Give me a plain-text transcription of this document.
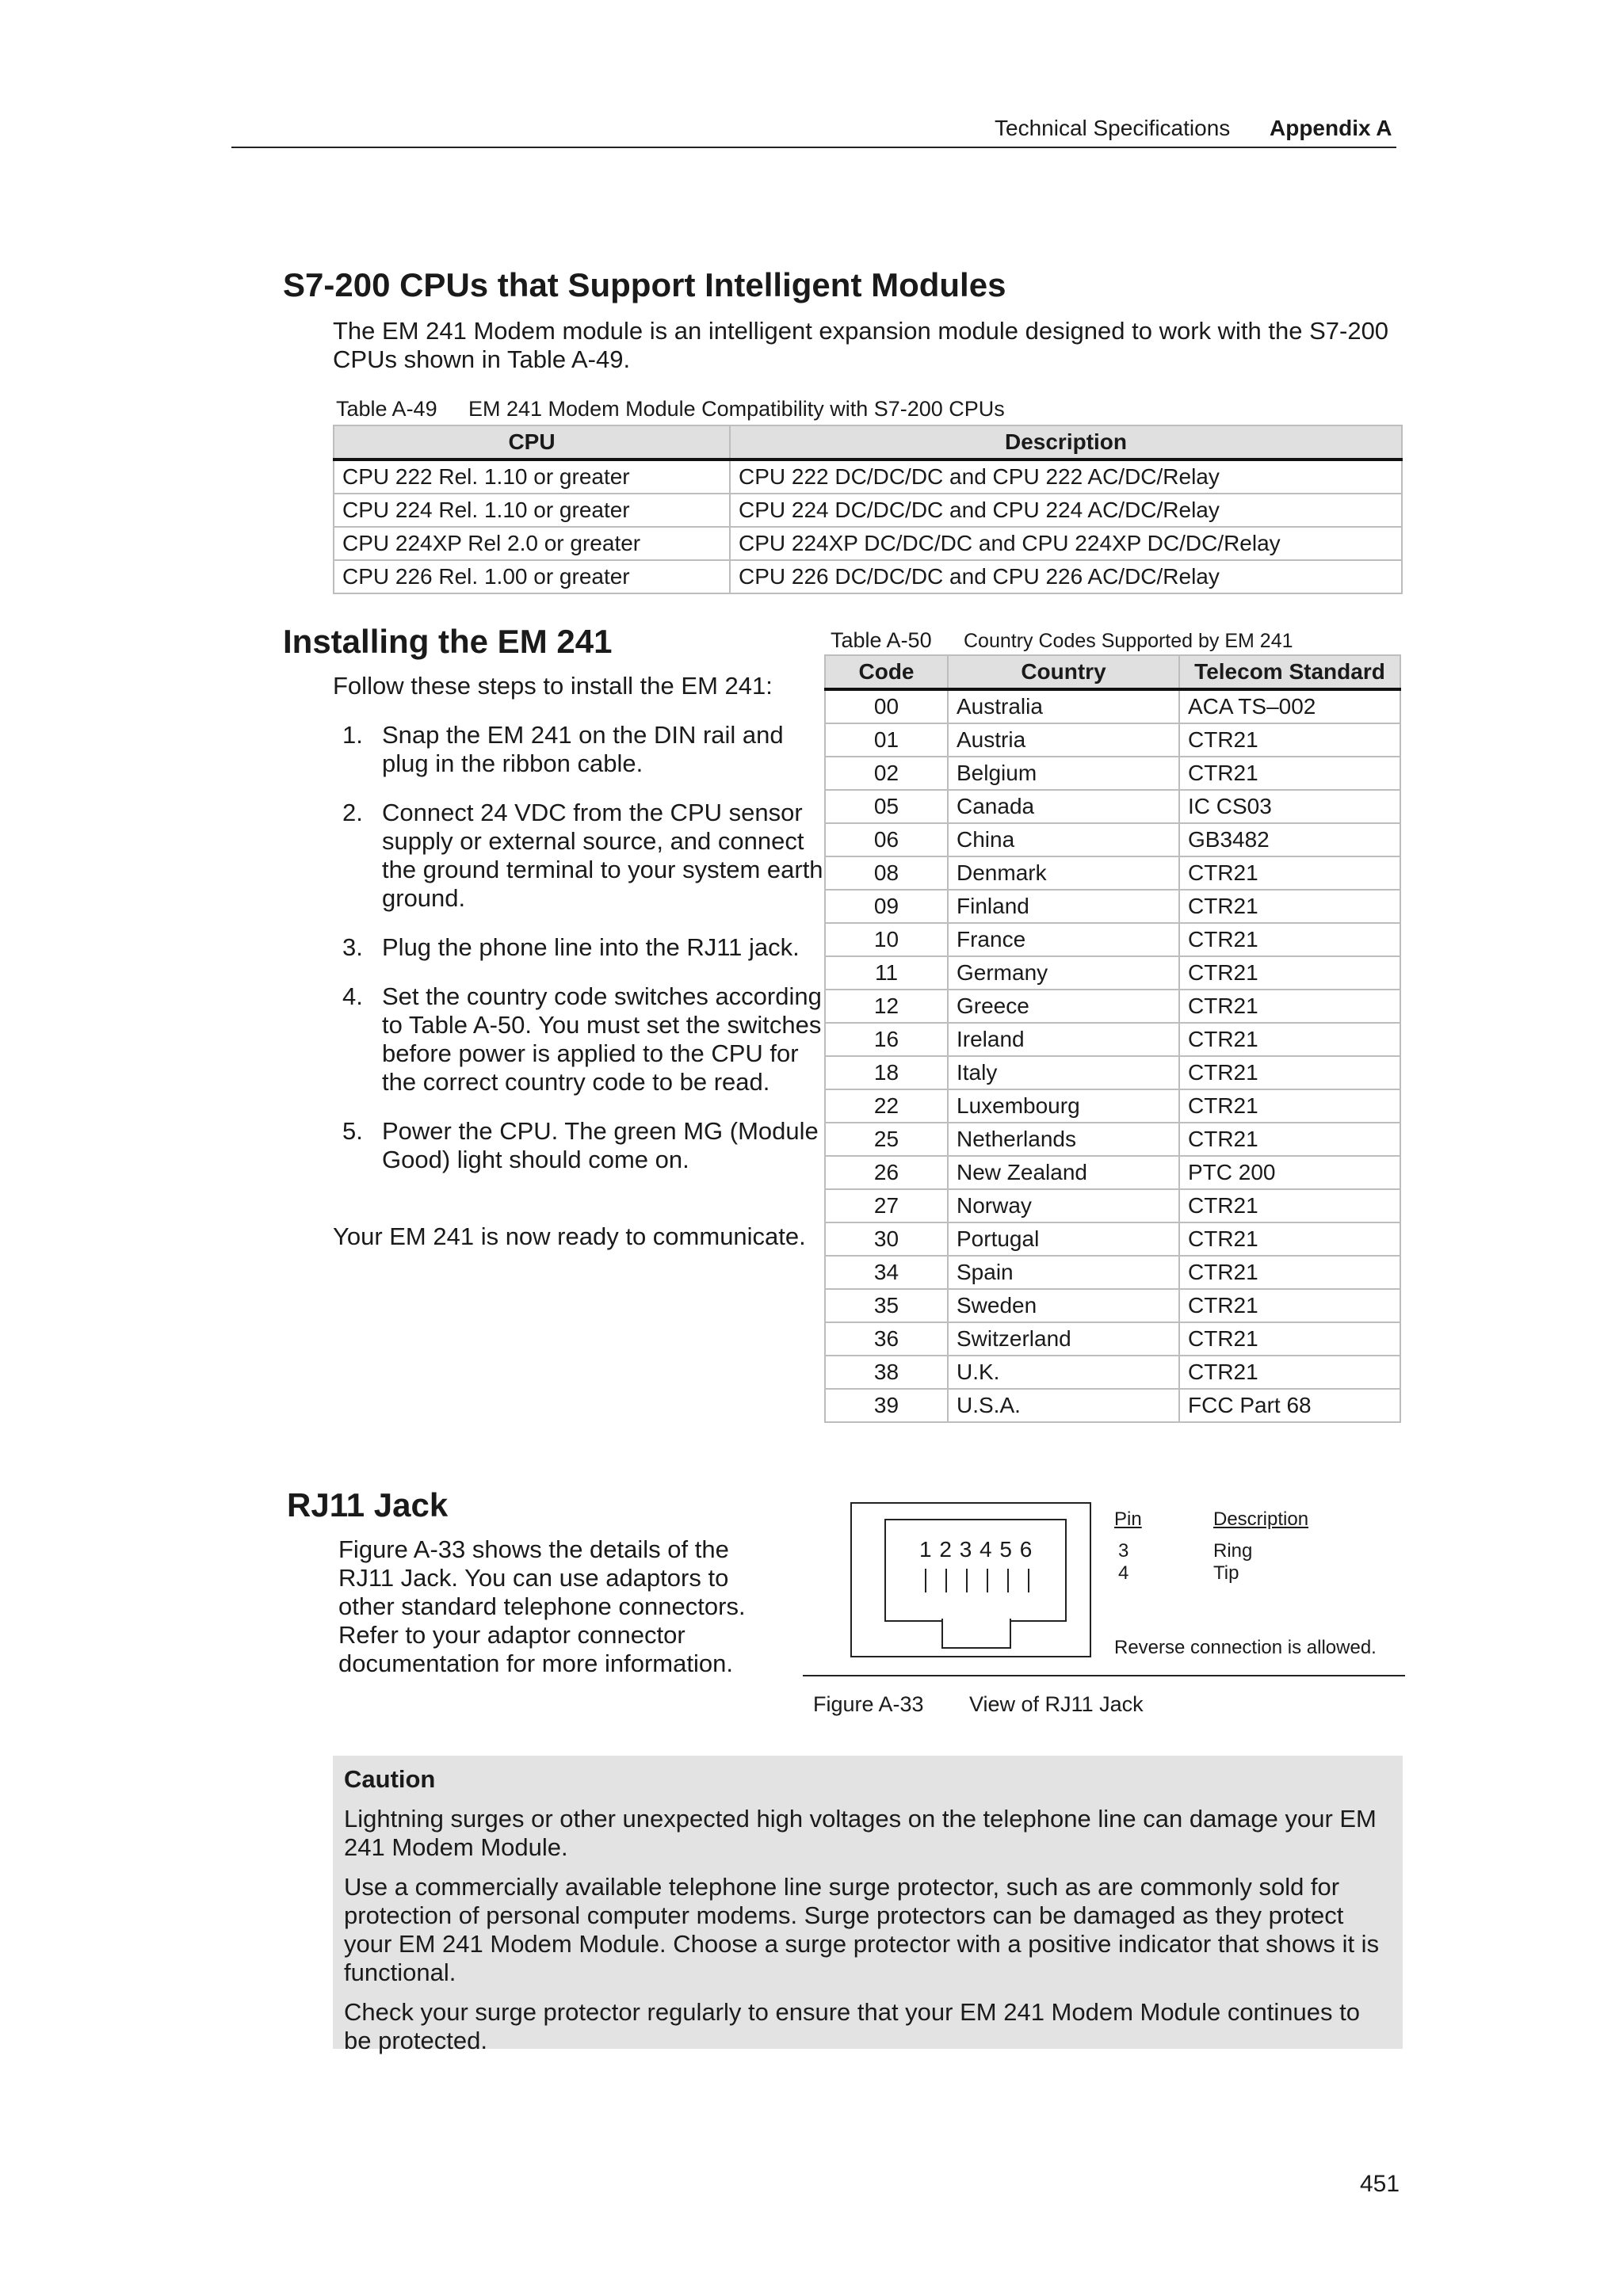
Technical Specifications Appendix A
S7-200 CPUs that Support Intelligent Modules
The EM 241 Modem module is an intelligent expansion module designed to work with the S7-200 CPUs shown in Table A-49.
Table A-49 EM 241 Modem Module Compatibility with S7-200 CPUs
CPU	Description
CPU 222 Rel. 1.10 or greater	CPU 222 DC/DC/DC and CPU 222 AC/DC/Relay
CPU 224 Rel. 1.10 or greater	CPU 224 DC/DC/DC and CPU 224 AC/DC/Relay
CPU 224XP Rel 2.0 or greater	CPU 224XP DC/DC/DC and CPU 224XP DC/DC/Relay
CPU 226 Rel. 1.00 or greater	CPU 226 DC/DC/DC and CPU 226 AC/DC/Relay
Installing the EM 241
Follow these steps to install the EM 241:
1. Snap the EM 241 on the DIN rail and plug in the ribbon cable.
2. Connect 24 VDC from the CPU sensor supply or external source, and connect the ground terminal to your system earth ground.
3. Plug the phone line into the RJ11 jack.
4. Set the country code switches according to Table A-50. You must set the switches before power is applied to the CPU for the correct country code to be read.
5. Power the CPU. The green MG (Module Good) light should come on.
Your EM 241 is now ready to communicate.
Table A-50 Country Codes Supported by EM 241
Code	Country	Telecom Standard
00	Australia	ACA TS–002
01	Austria	CTR21
02	Belgium	CTR21
05	Canada	IC CS03
06	China	GB3482
08	Denmark	CTR21
09	Finland	CTR21
10	France	CTR21
11	Germany	CTR21
12	Greece	CTR21
16	Ireland	CTR21
18	Italy	CTR21
22	Luxembourg	CTR21
25	Netherlands	CTR21
26	New Zealand	PTC 200
27	Norway	CTR21
30	Portugal	CTR21
34	Spain	CTR21
35	Sweden	CTR21
36	Switzerland	CTR21
38	U.K.	CTR21
39	U.S.A.	FCC Part 68
RJ11 Jack
Figure A-33 shows the details of the RJ11 Jack. You can use adaptors to other standard telephone connectors. Refer to your adaptor connector documentation for more information.
1 2 3 4 5 6
Pin	Description
3	Ring
4	Tip
Reverse connection is allowed.
Figure A-33 View of RJ11 Jack

Caution

Lightning surges or other unexpected high voltages on the telephone line can damage your EM 241 Modem Module.

Use a commercially available telephone line surge protector, such as are commonly sold for protection of personal computer modems. Surge protectors can be damaged as they protect your EM 241 Modem Module. Choose a surge protector with a positive indicator that shows it is functional.

Check your surge protector regularly to ensure that your EM 241 Modem Module continues to be protected.

451
